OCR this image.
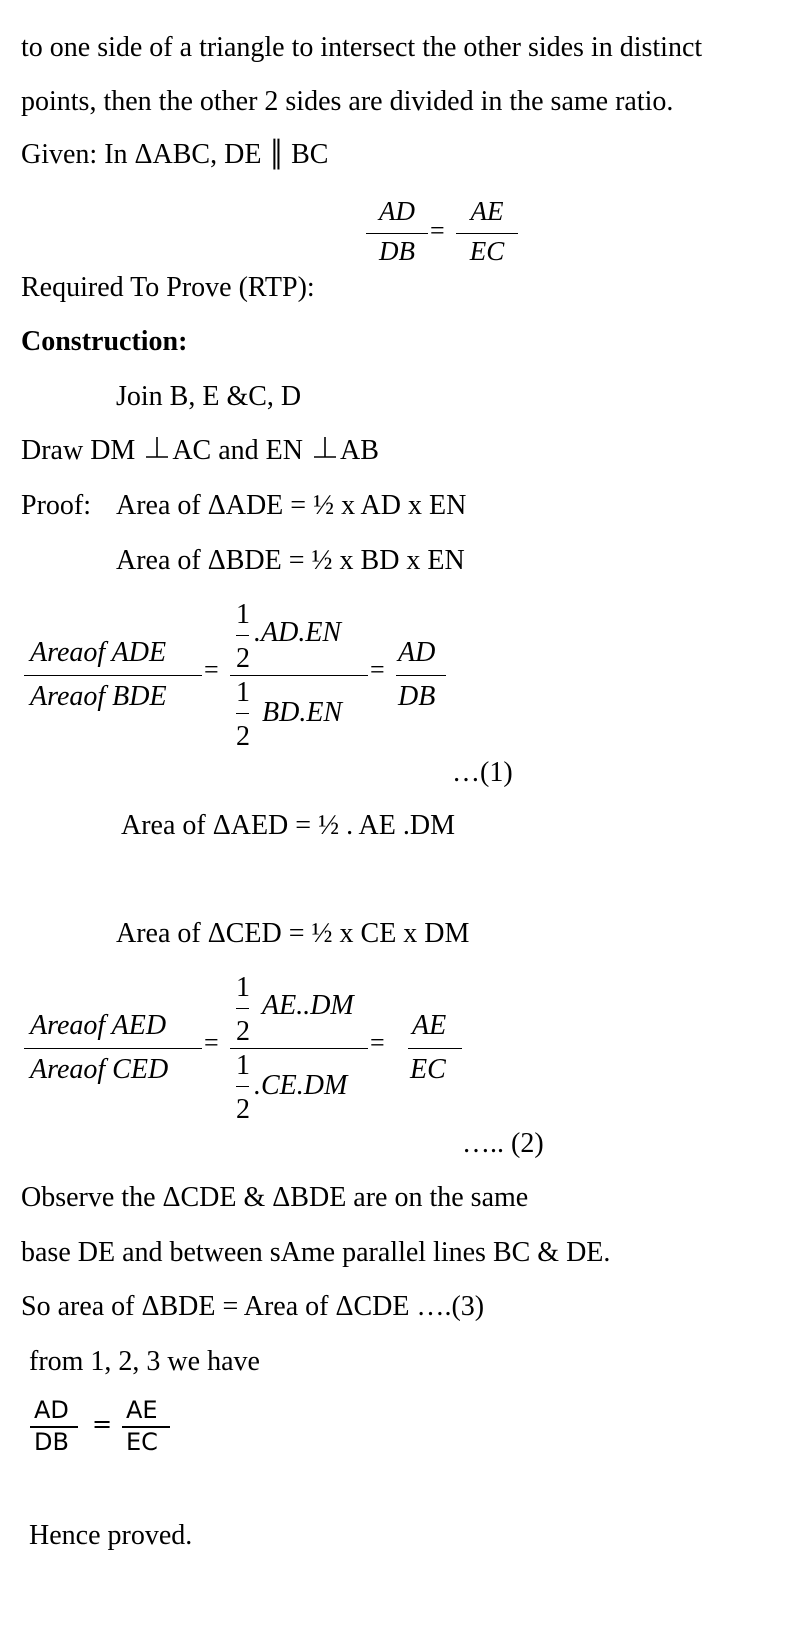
to one side of a triangle to intersect the other sides in distinct
points, then the other 2 sides are divided in the same ratio.
Given: In ΔABC, DE ║ BC
AD
DB
=
AE
EC
Required To Prove (RTP):
Construction:
Join B, E &C, D
Draw DM AC and EN AB
Proof: Area of ΔADE = ½ x AD x EN
Area of ΔBDE = ½ x BD x EN
Areaof ADE
Areaof BDE
=
1
2
.AD.EN
1
2
BD.EN
=
AD
DB
…(1)
Area of ΔAED = ½ . AE .DM
Area of ΔCED = ½ x CE x DM
Areaof AED
Areaof CED
=
1
2
AE..DM
1
2
.CE.DM
=
AE
EC
….. (2)
Observe the ΔCDE & ΔBDE are on the same
base DE and between sAme parallel lines BC & DE.
So area of ΔBDE = Area of ΔCDE ….(3)
from 1, 2, 3 we have
AD
DB
= AE
EC
Hence proved.
